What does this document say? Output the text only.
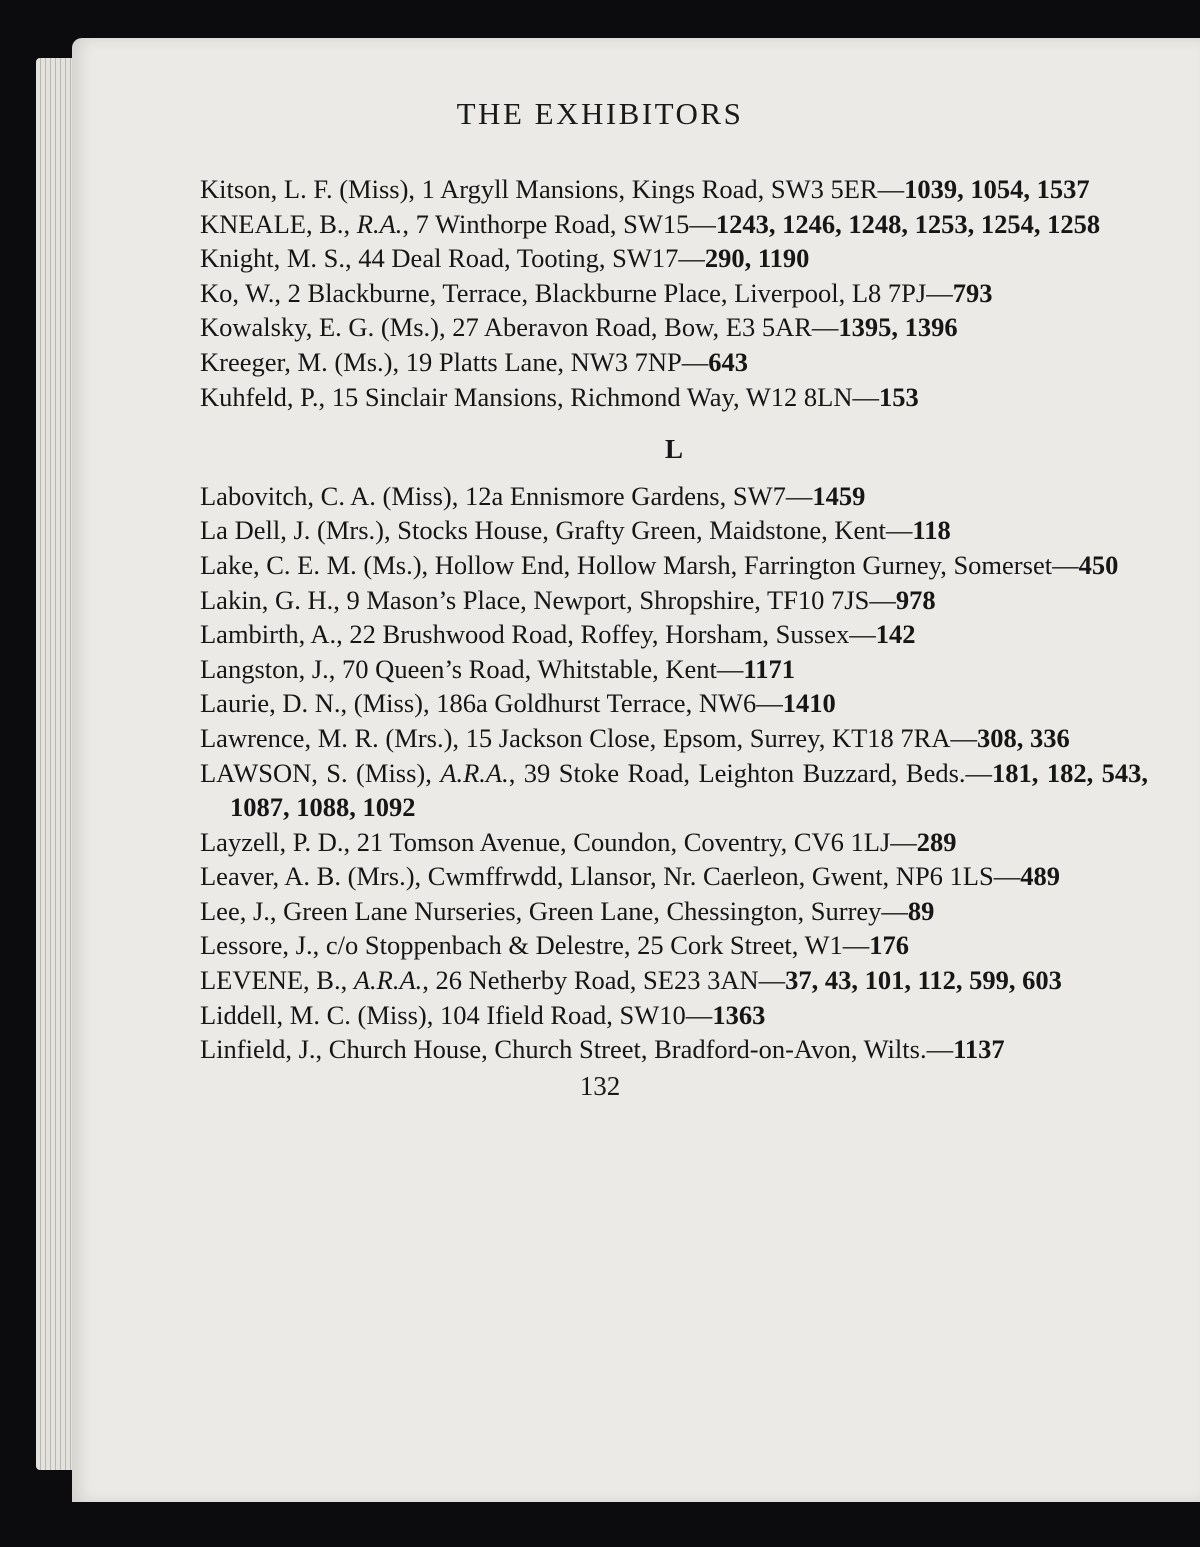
THE EXHIBITORS

Kitson, L. F. (Miss), 1 Argyll Mansions, Kings Road, SW3 5ER—1039, 1054, 1537

KNEALE, B., R.A., 7 Winthorpe Road, SW15—1243, 1246, 1248, 1253, 1254, 1258

Knight, M. S., 44 Deal Road, Tooting, SW17—290, 1190

Ko, W., 2 Blackburne, Terrace, Blackburne Place, Liverpool, L8 7PJ—793

Kowalsky, E. G. (Ms.), 27 Aberavon Road, Bow, E3 5AR—1395, 1396

Kreeger, M. (Ms.), 19 Platts Lane, NW3 7NP—643

Kuhfeld, P., 15 Sinclair Mansions, Richmond Way, W12 8LN—153

L

Labovitch, C. A. (Miss), 12a Ennismore Gardens, SW7—1459

La Dell, J. (Mrs.), Stocks House, Grafty Green, Maidstone, Kent—118

Lake, C. E. M. (Ms.), Hollow End, Hollow Marsh, Farrington Gurney, Somerset—450

Lakin, G. H., 9 Mason’s Place, Newport, Shropshire, TF10 7JS—978

Lambirth, A., 22 Brushwood Road, Roffey, Horsham, Sussex—142

Langston, J., 70 Queen’s Road, Whitstable, Kent—1171

Laurie, D. N., (Miss), 186a Goldhurst Terrace, NW6—1410

Lawrence, M. R. (Mrs.), 15 Jackson Close, Epsom, Surrey, KT18 7RA—308, 336

LAWSON, S. (Miss), A.R.A., 39 Stoke Road, Leighton Buzzard, Beds.—181, 182, 543, 1087, 1088, 1092

Layzell, P. D., 21 Tomson Avenue, Coundon, Coventry, CV6 1LJ—289

Leaver, A. B. (Mrs.), Cwmffrwdd, Llansor, Nr. Caerleon, Gwent, NP6 1LS—489

Lee, J., Green Lane Nurseries, Green Lane, Chessington, Surrey—89

Lessore, J., c/o Stoppenbach & Delestre, 25 Cork Street, W1—176

LEVENE, B., A.R.A., 26 Netherby Road, SE23 3AN—37, 43, 101, 112, 599, 603

Liddell, M. C. (Miss), 104 Ifield Road, SW10—1363

Linfield, J., Church House, Church Street, Bradford-on-Avon, Wilts.—1137

132
